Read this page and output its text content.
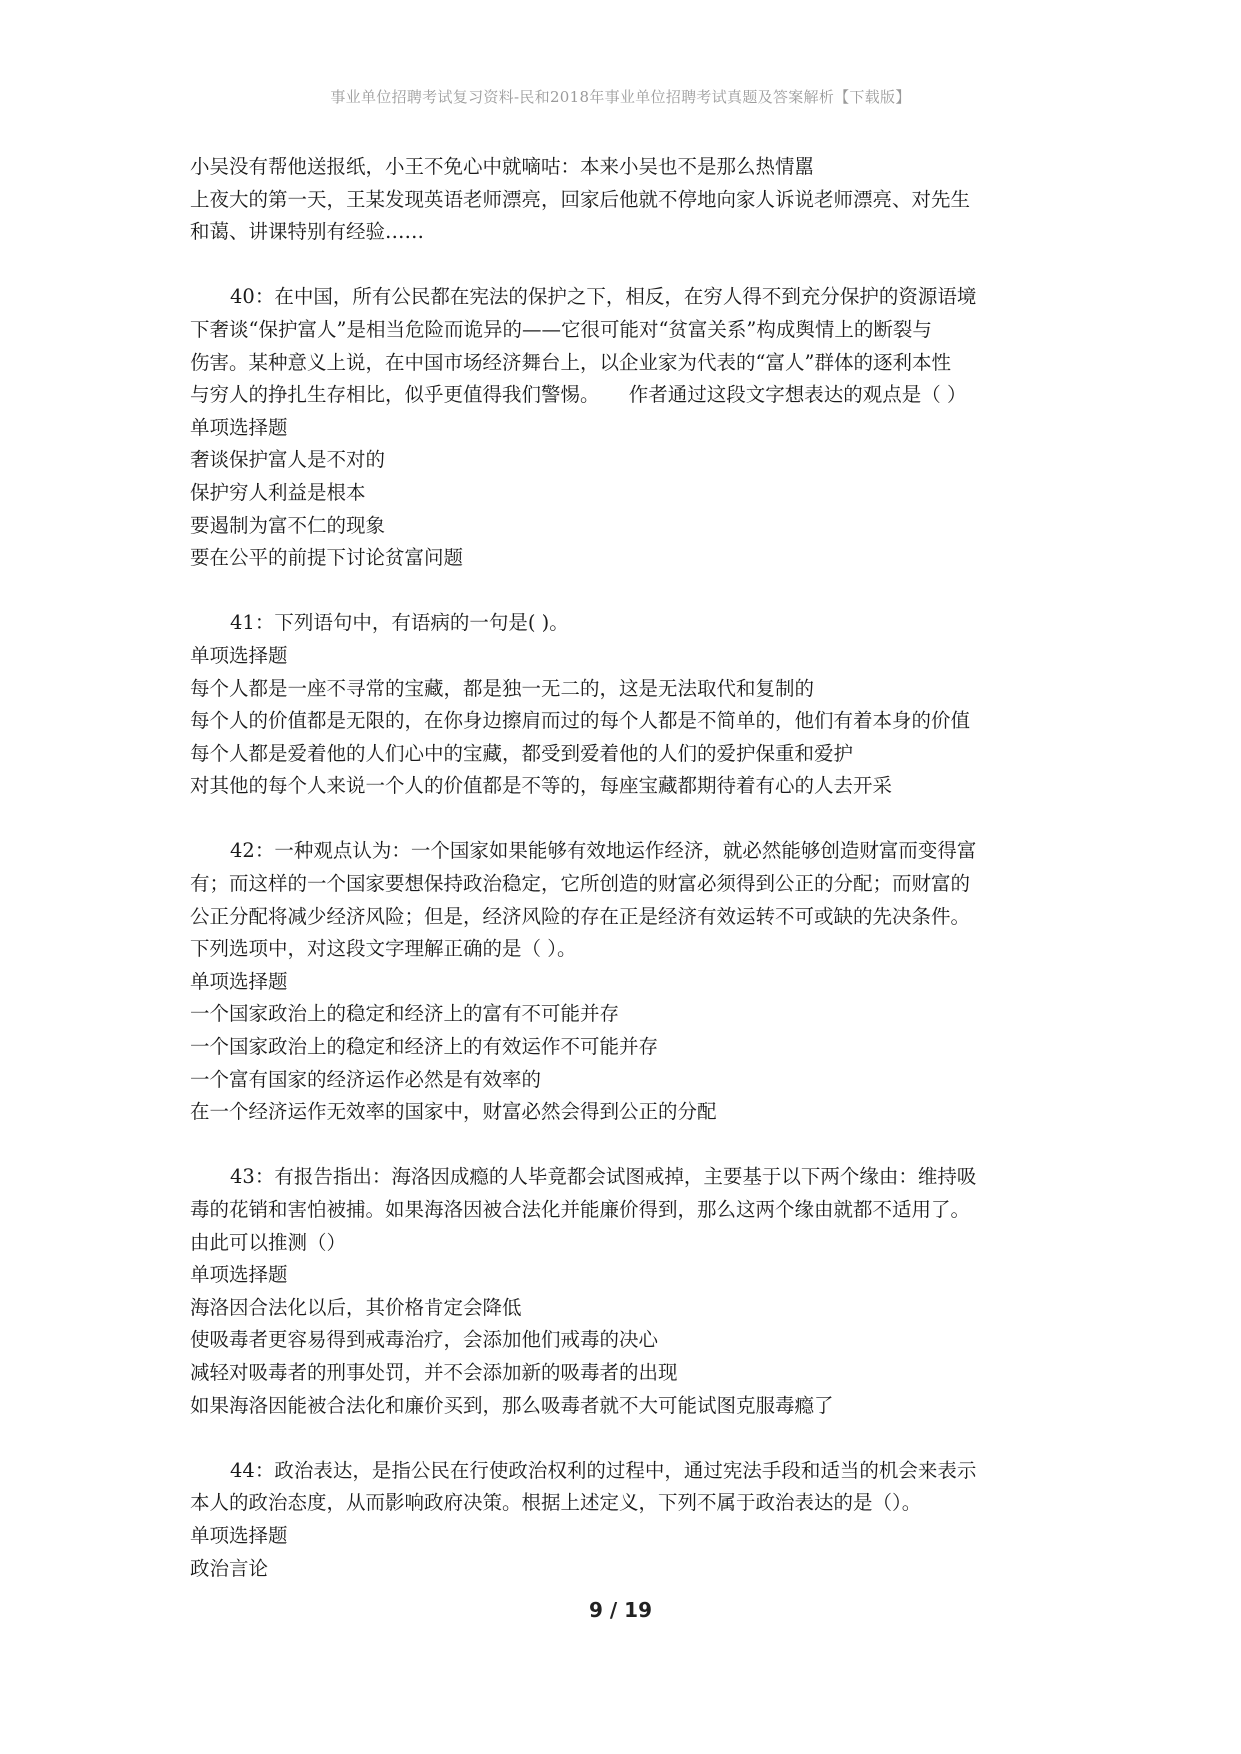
事业单位招聘考试复习资料-民和2018年事业单位招聘考试真题及答案解析【下载版】
小吴没有帮他送报纸，小王不免心中就嘀咕：本来小吴也不是那么热情嚚
上夜大的第一天，王某发现英语老师漂亮，回家后他就不停地向家人诉说老师漂亮、对先生
和蔼、讲课特别有经验……
40：在中国，所有公民都在宪法的保护之下，相反，在穷人得不到充分保护的资源语境
下奢谈“保护富人”是相当危险而诡异的——它很可能对“贫富关系”构成舆情上的断裂与
伤害。某种意义上说，在中国市场经济舞台上，以企业家为代表的“富人”群体的逐利本性
与穷人的挣扎生存相比，似乎更值得我们警惕。　　作者通过这段文字想表达的观点是（ ）
单项选择题
奢谈保护富人是不对的
保护穷人利益是根本
要遏制为富不仁的现象
要在公平的前提下讨论贫富问题
41：下列语句中，有语病的一句是( )。
单项选择题
每个人都是一座不寻常的宝藏，都是独一无二的，这是无法取代和复制的
每个人的价值都是无限的，在你身边擦肩而过的每个人都是不简单的，他们有着本身的价值
每个人都是爱着他的人们心中的宝藏，都受到爱着他的人们的爱护保重和爱护
对其他的每个人来说一个人的价值都是不等的，每座宝藏都期待着有心的人去开采
42：一种观点认为：一个国家如果能够有效地运作经济，就必然能够创造财富而变得富
有；而这样的一个国家要想保持政治稳定，它所创造的财富必须得到公正的分配；而财富的
公正分配将减少经济风险；但是，经济风险的存在正是经济有效运转不可或缺的先决条件。
下列选项中，对这段文字理解正确的是（ ）。
单项选择题
一个国家政治上的稳定和经济上的富有不可能并存
一个国家政治上的稳定和经济上的有效运作不可能并存
一个富有国家的经济运作必然是有效率的
在一个经济运作无效率的国家中，财富必然会得到公正的分配
43：有报告指出：海洛因成瘾的人毕竟都会试图戒掉，主要基于以下两个缘由：维持吸
毒的花销和害怕被捕。如果海洛因被合法化并能廉价得到，那么这两个缘由就都不适用了。
由此可以推测（）
单项选择题
海洛因合法化以后，其价格肯定会降低
使吸毒者更容易得到戒毒治疗，会添加他们戒毒的决心
减轻对吸毒者的刑事处罚，并不会添加新的吸毒者的出现
如果海洛因能被合法化和廉价买到，那么吸毒者就不大可能试图克服毒瘾了
44：政治表达，是指公民在行使政治权利的过程中，通过宪法手段和适当的机会来表示
本人的政治态度，从而影响政府决策。根据上述定义，下列不属于政治表达的是（）。
单项选择题
政治言论
9 / 19
